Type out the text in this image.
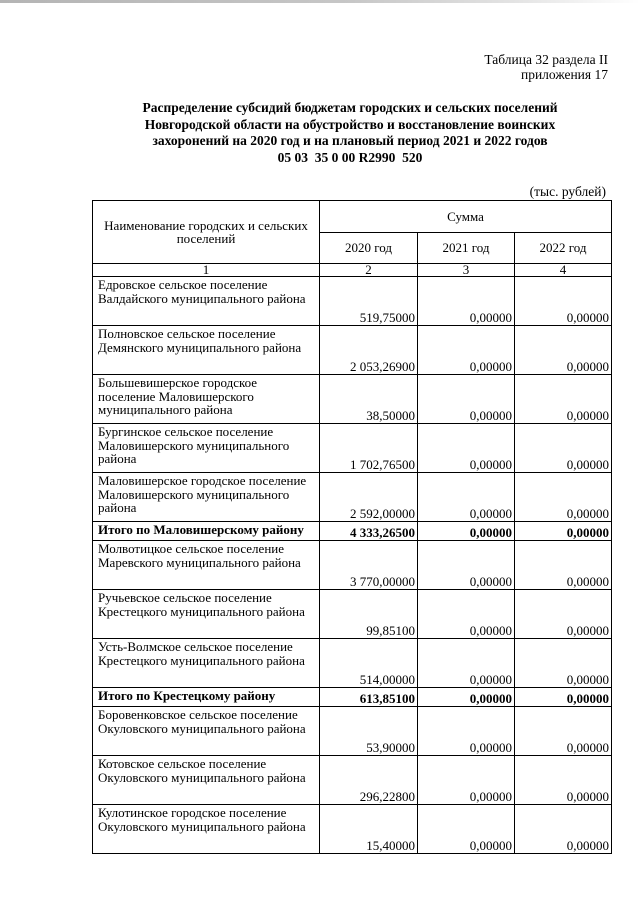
Таблица 32 раздела II
приложения 17
Распределение субсидий бюджетам городских и сельских поселений
Новгородской области на обустройство и восстановление воинских
захоронений на 2020 год и на плановый период 2021 и 2022 годов
05 03  35 0 00 R2990  520
(тыс. рублей)
Наименование городских и сельских поселений	Сумма		
	2020 год	2021 год	2022 год
1	2	3	4
Едровское сельское поселение Валдайского муниципального района	519,75000	0,00000	0,00000
Полновское сельское поселение Демянского муниципального района	2 053,26900	0,00000	0,00000
Большевишерское городское поселение Маловишерского муниципального района	38,50000	0,00000	0,00000
Бургинское сельское поселение Маловишерского муниципального района	1 702,76500	0,00000	0,00000
Маловишерское городское поселение Маловишерского муниципального района	2 592,00000	0,00000	0,00000
Итого по Маловишерскому району	4 333,26500	0,00000	0,00000
Молвотицкое сельское поселение Маревского муниципального района	3 770,00000	0,00000	0,00000
Ручьевское сельское поселение Крестецкого муниципального района	99,85100	0,00000	0,00000
Усть-Волмское сельское поселение Крестецкого муниципального района	514,00000	0,00000	0,00000
Итого по Крестецкому району	613,85100	0,00000	0,00000
Боровенковское сельское поселение Окуловского муниципального района	53,90000	0,00000	0,00000
Котовское сельское поселение Окуловского муниципального района	296,22800	0,00000	0,00000
Кулотинское городское поселение Окуловского муниципального района	15,40000	0,00000	0,00000
